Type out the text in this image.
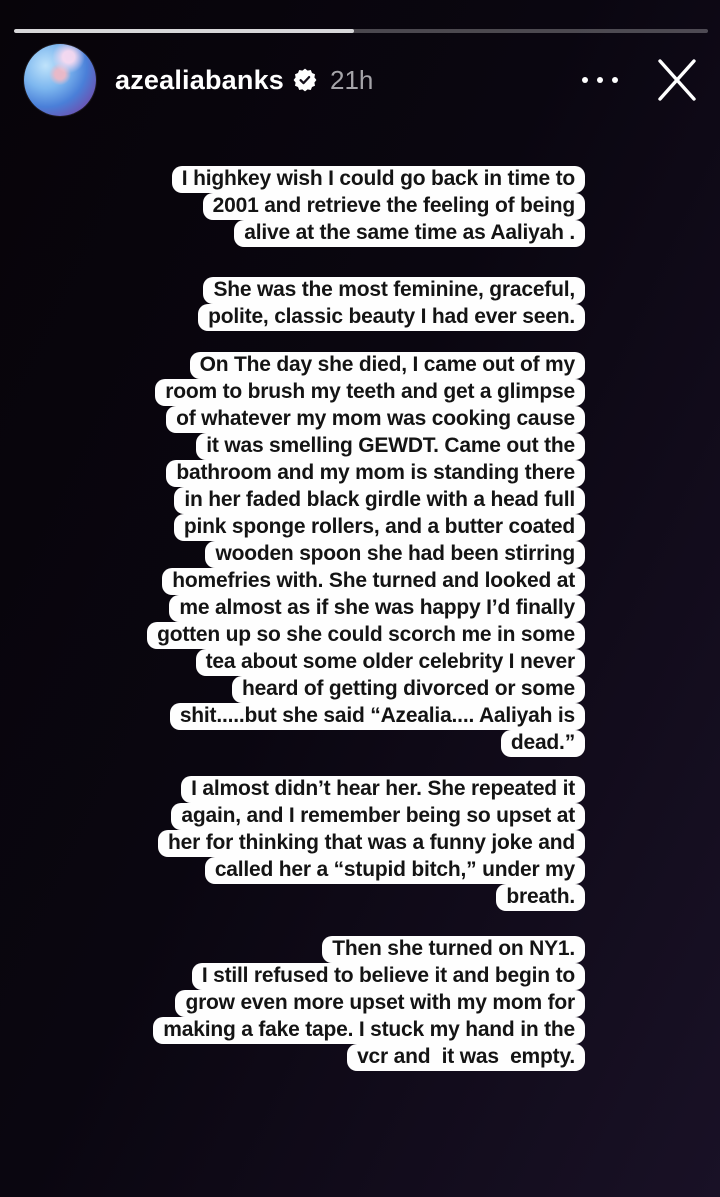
azealiabanks 21h
I highkey wish I could go back in time to
2001 and retrieve the feeling of being
alive at the same time as Aaliyah .
She was the most feminine, graceful,
polite, classic beauty I had ever seen.
On The day she died, I came out of my
room to brush my teeth and get a glimpse
of whatever my mom was cooking cause
it was smelling GEWDT. Came out the
bathroom and my mom is standing there
in her faded black girdle with a head full
pink sponge rollers, and a butter coated
wooden spoon she had been stirring
homefries with. She turned and looked at
me almost as if she was happy I’d finally
gotten up so she could scorch me in some
tea about some older celebrity I never
heard of getting divorced or some
shit.....but she said “Azealia.... Aaliyah is
dead.”
I almost didn’t hear her. She repeated it
again, and I remember being so upset at
her for thinking that was a funny joke and
called her a “stupid bitch,” under my
breath.
Then she turned on NY1.
I still refused to believe it and begin to
grow even more upset with my mom for
making a fake tape. I stuck my hand in the
vcr and  it was  empty.
